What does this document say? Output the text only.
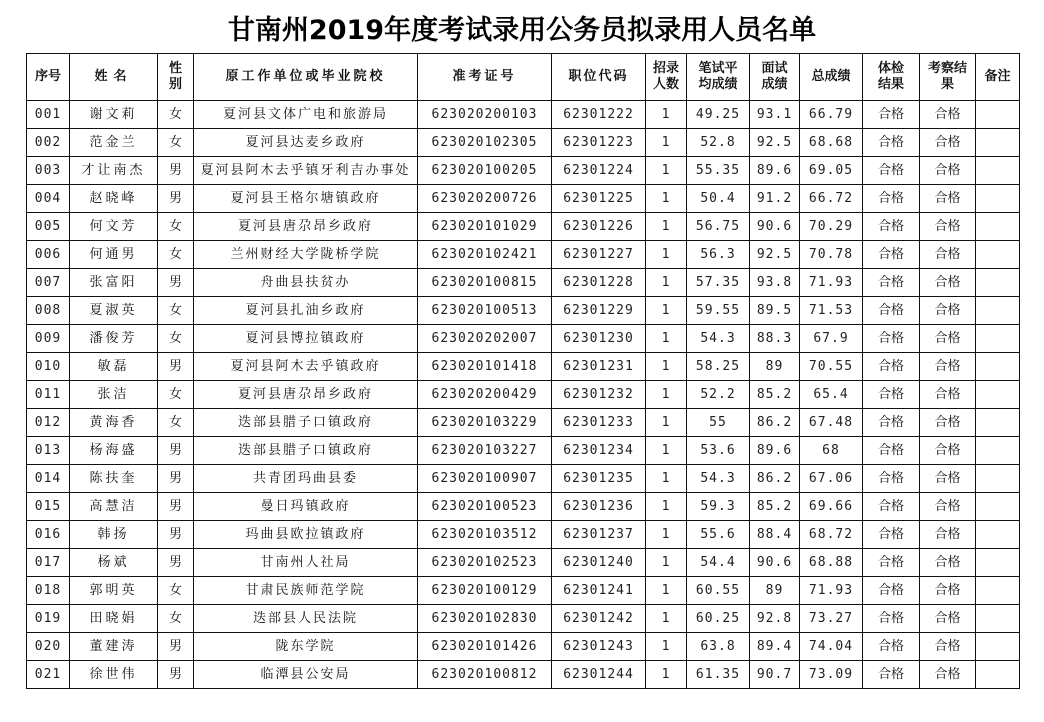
甘南州2019年度考试录用公务员拟录用人员名单
序号	姓名	性别	原工作单位或毕业院校	准考证号	职位代码	招录人数	笔试平均成绩	面试成绩	总成绩	体检结果	考察结果	备注
001	谢文莉	女	夏河县文体广电和旅游局	623020200103	62301222	1	49.25	93.1	66.79	合格	合格	
002	范金兰	女	夏河县达麦乡政府	623020102305	62301223	1	52.8	92.5	68.68	合格	合格	
003	才让南杰	男	夏河县阿木去乎镇牙利吉办事处	623020100205	62301224	1	55.35	89.6	69.05	合格	合格	
004	赵晓峰	男	夏河县王格尔塘镇政府	623020200726	62301225	1	50.4	91.2	66.72	合格	合格	
005	何文芳	女	夏河县唐尕昂乡政府	623020101029	62301226	1	56.75	90.6	70.29	合格	合格	
006	何通男	女	兰州财经大学陇桥学院	623020102421	62301227	1	56.3	92.5	70.78	合格	合格	
007	张富阳	男	舟曲县扶贫办	623020100815	62301228	1	57.35	93.8	71.93	合格	合格	
008	夏淑英	女	夏河县扎油乡政府	623020100513	62301229	1	59.55	89.5	71.53	合格	合格	
009	潘俊芳	女	夏河县博拉镇政府	623020202007	62301230	1	54.3	88.3	67.9	合格	合格	
010	敏磊	男	夏河县阿木去乎镇政府	623020101418	62301231	1	58.25	89	70.55	合格	合格	
011	张洁	女	夏河县唐尕昂乡政府	623020200429	62301232	1	52.2	85.2	65.4	合格	合格	
012	黄海香	女	迭部县腊子口镇政府	623020103229	62301233	1	55	86.2	67.48	合格	合格	
013	杨海盛	男	迭部县腊子口镇政府	623020103227	62301234	1	53.6	89.6	68	合格	合格	
014	陈扶奎	男	共青团玛曲县委	623020100907	62301235	1	54.3	86.2	67.06	合格	合格	
015	高慧洁	男	曼日玛镇政府	623020100523	62301236	1	59.3	85.2	69.66	合格	合格	
016	韩扬	男	玛曲县欧拉镇政府	623020103512	62301237	1	55.6	88.4	68.72	合格	合格	
017	杨斌	男	甘南州人社局	623020102523	62301240	1	54.4	90.6	68.88	合格	合格	
018	郭明英	女	甘肃民族师范学院	623020100129	62301241	1	60.55	89	71.93	合格	合格	
019	田晓娟	女	迭部县人民法院	623020102830	62301242	1	60.25	92.8	73.27	合格	合格	
020	董建涛	男	陇东学院	623020101426	62301243	1	63.8	89.4	74.04	合格	合格	
021	徐世伟	男	临潭县公安局	623020100812	62301244	1	61.35	90.7	73.09	合格	合格	
